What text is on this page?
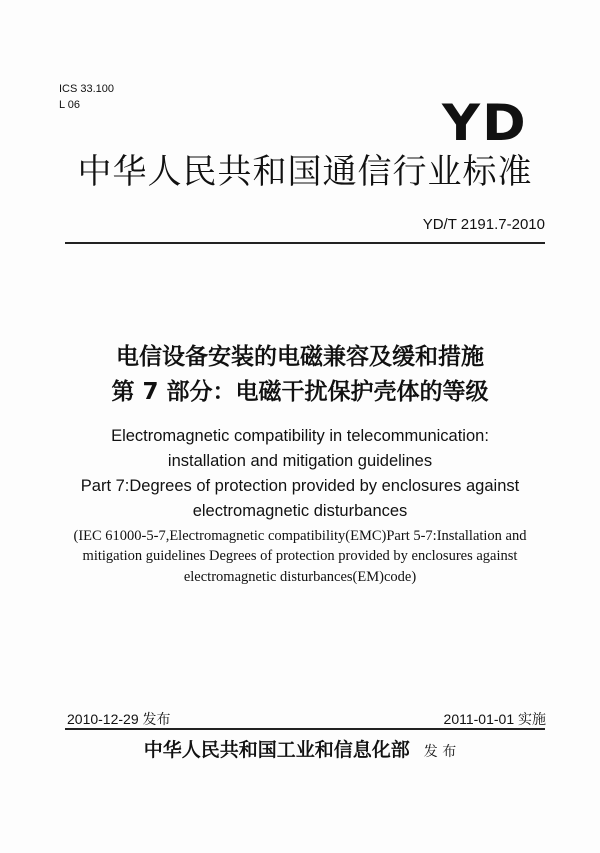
ICS 33.100
L 06	YD
中华人民共和国通信行业标准
YD/T 2191.7-2010
电信设备安装的电磁兼容及缓和措施
第 7 部分：电磁干扰保护壳体的等级
Electromagnetic compatibility in telecommunication:
installation and mitigation guidelines
Part 7:Degrees of protection provided by enclosures against
electromagnetic disturbances
(IEC 61000-5-7,Electromagnetic compatibility(EMC)Part 5-7:Installation and
mitigation guidelines Degrees of protection provided by enclosures against
electromagnetic disturbances(EM)code)
2010-12-29 发布	2011-01-01 实施
中华人民共和国工业和信息化部 发 布
